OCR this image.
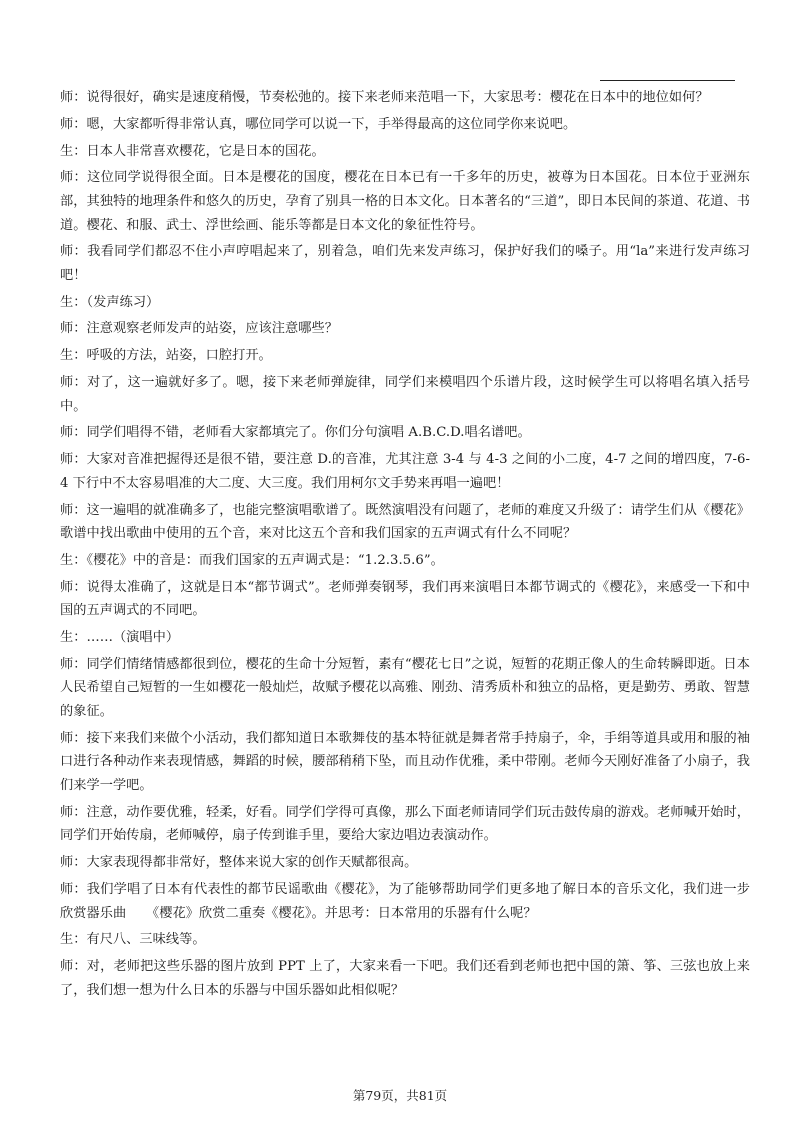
师：说得很好，确实是速度稍慢，节奏松弛的。接下来老师来范唱一下，大家思考：樱花在日本中的地位如何？

师：嗯，大家都听得非常认真，哪位同学可以说一下，手举得最高的这位同学你来说吧。

生：日本人非常喜欢樱花，它是日本的国花。

师：这位同学说得很全面。日本是樱花的国度，樱花在日本已有一千多年的历史，被尊为日本国花。日本位于亚洲东部，其独特的地理条件和悠久的历史，孕育了别具一格的日本文化。日本著名的“三道”，即日本民间的茶道、花道、书道。樱花、和服、武士、浮世绘画、能乐等都是日本文化的象征性符号。

师：我看同学们都忍不住小声哼唱起来了，别着急，咱们先来发声练习，保护好我们的嗓子。用“la”来进行发声练习吧！

生：（发声练习）

师：注意观察老师发声的站姿，应该注意哪些？

生：呼吸的方法，站姿，口腔打开。

师：对了，这一遍就好多了。嗯，接下来老师弹旋律，同学们来模唱四个乐谱片段，这时候学生可以将唱名填入括号中。

师：同学们唱得不错，老师看大家都填完了。你们分句演唱 A.B.C.D.唱名谱吧。

师：大家对音准把握得还是很不错，要注意 D.的音准，尤其注意 3-4 与 4-3 之间的小二度，4-7 之间的增四度，7-6-4 下行中不太容易唱准的大二度、大三度。我们用柯尔文手势来再唱一遍吧！

师：这一遍唱的就准确多了，也能完整演唱歌谱了。既然演唱没有问题了，老师的难度又升级了：请学生们从《樱花》歌谱中找出歌曲中使用的五个音，来对比这五个音和我们国家的五声调式有什么不同呢？

生：《樱花》中的音是：而我们国家的五声调式是：“1.2.3.5.6”。

师：说得太准确了，这就是日本“都节调式”。老师弹奏钢琴，我们再来演唱日本都节调式的《樱花》，来感受一下和中国的五声调式的不同吧。

生：……（演唱中）

师：同学们情绪情感都很到位，樱花的生命十分短暂，素有“樱花七日”之说，短暂的花期正像人的生命转瞬即逝。日本人民希望自己短暂的一生如樱花一般灿烂，故赋予樱花以高雅、刚劲、清秀质朴和独立的品格，更是勤劳、勇敢、智慧的象征。

师：接下来我们来做个小活动，我们都知道日本歌舞伎的基本特征就是舞者常手持扇子，伞，手绢等道具或用和服的袖口进行各种动作来表现情感，舞蹈的时候，腰部稍稍下坠，而且动作优雅，柔中带刚。老师今天刚好准备了小扇子，我们来学一学吧。

师：注意，动作要优雅，轻柔，好看。同学们学得可真像，那么下面老师请同学们玩击鼓传扇的游戏。老师喊开始时，同学们开始传扇，老师喊停，扇子传到谁手里，要给大家边唱边表演动作。

师：大家表现得都非常好，整体来说大家的创作天赋都很高。

师：我们学唱了日本有代表性的都节民谣歌曲《樱花》，为了能够帮助同学们更多地了解日本的音乐文化，我们进一步欣赏器乐曲　　《樱花》欣赏二重奏《樱花》。并思考：日本常用的乐器有什么呢？

生：有尺八、三味线等。

师：对，老师把这些乐器的图片放到 PPT 上了，大家来看一下吧。我们还看到老师也把中国的箫、筝、三弦也放上来了，我们想一想为什么日本的乐器与中国乐器如此相似呢？

第79页，共81页
